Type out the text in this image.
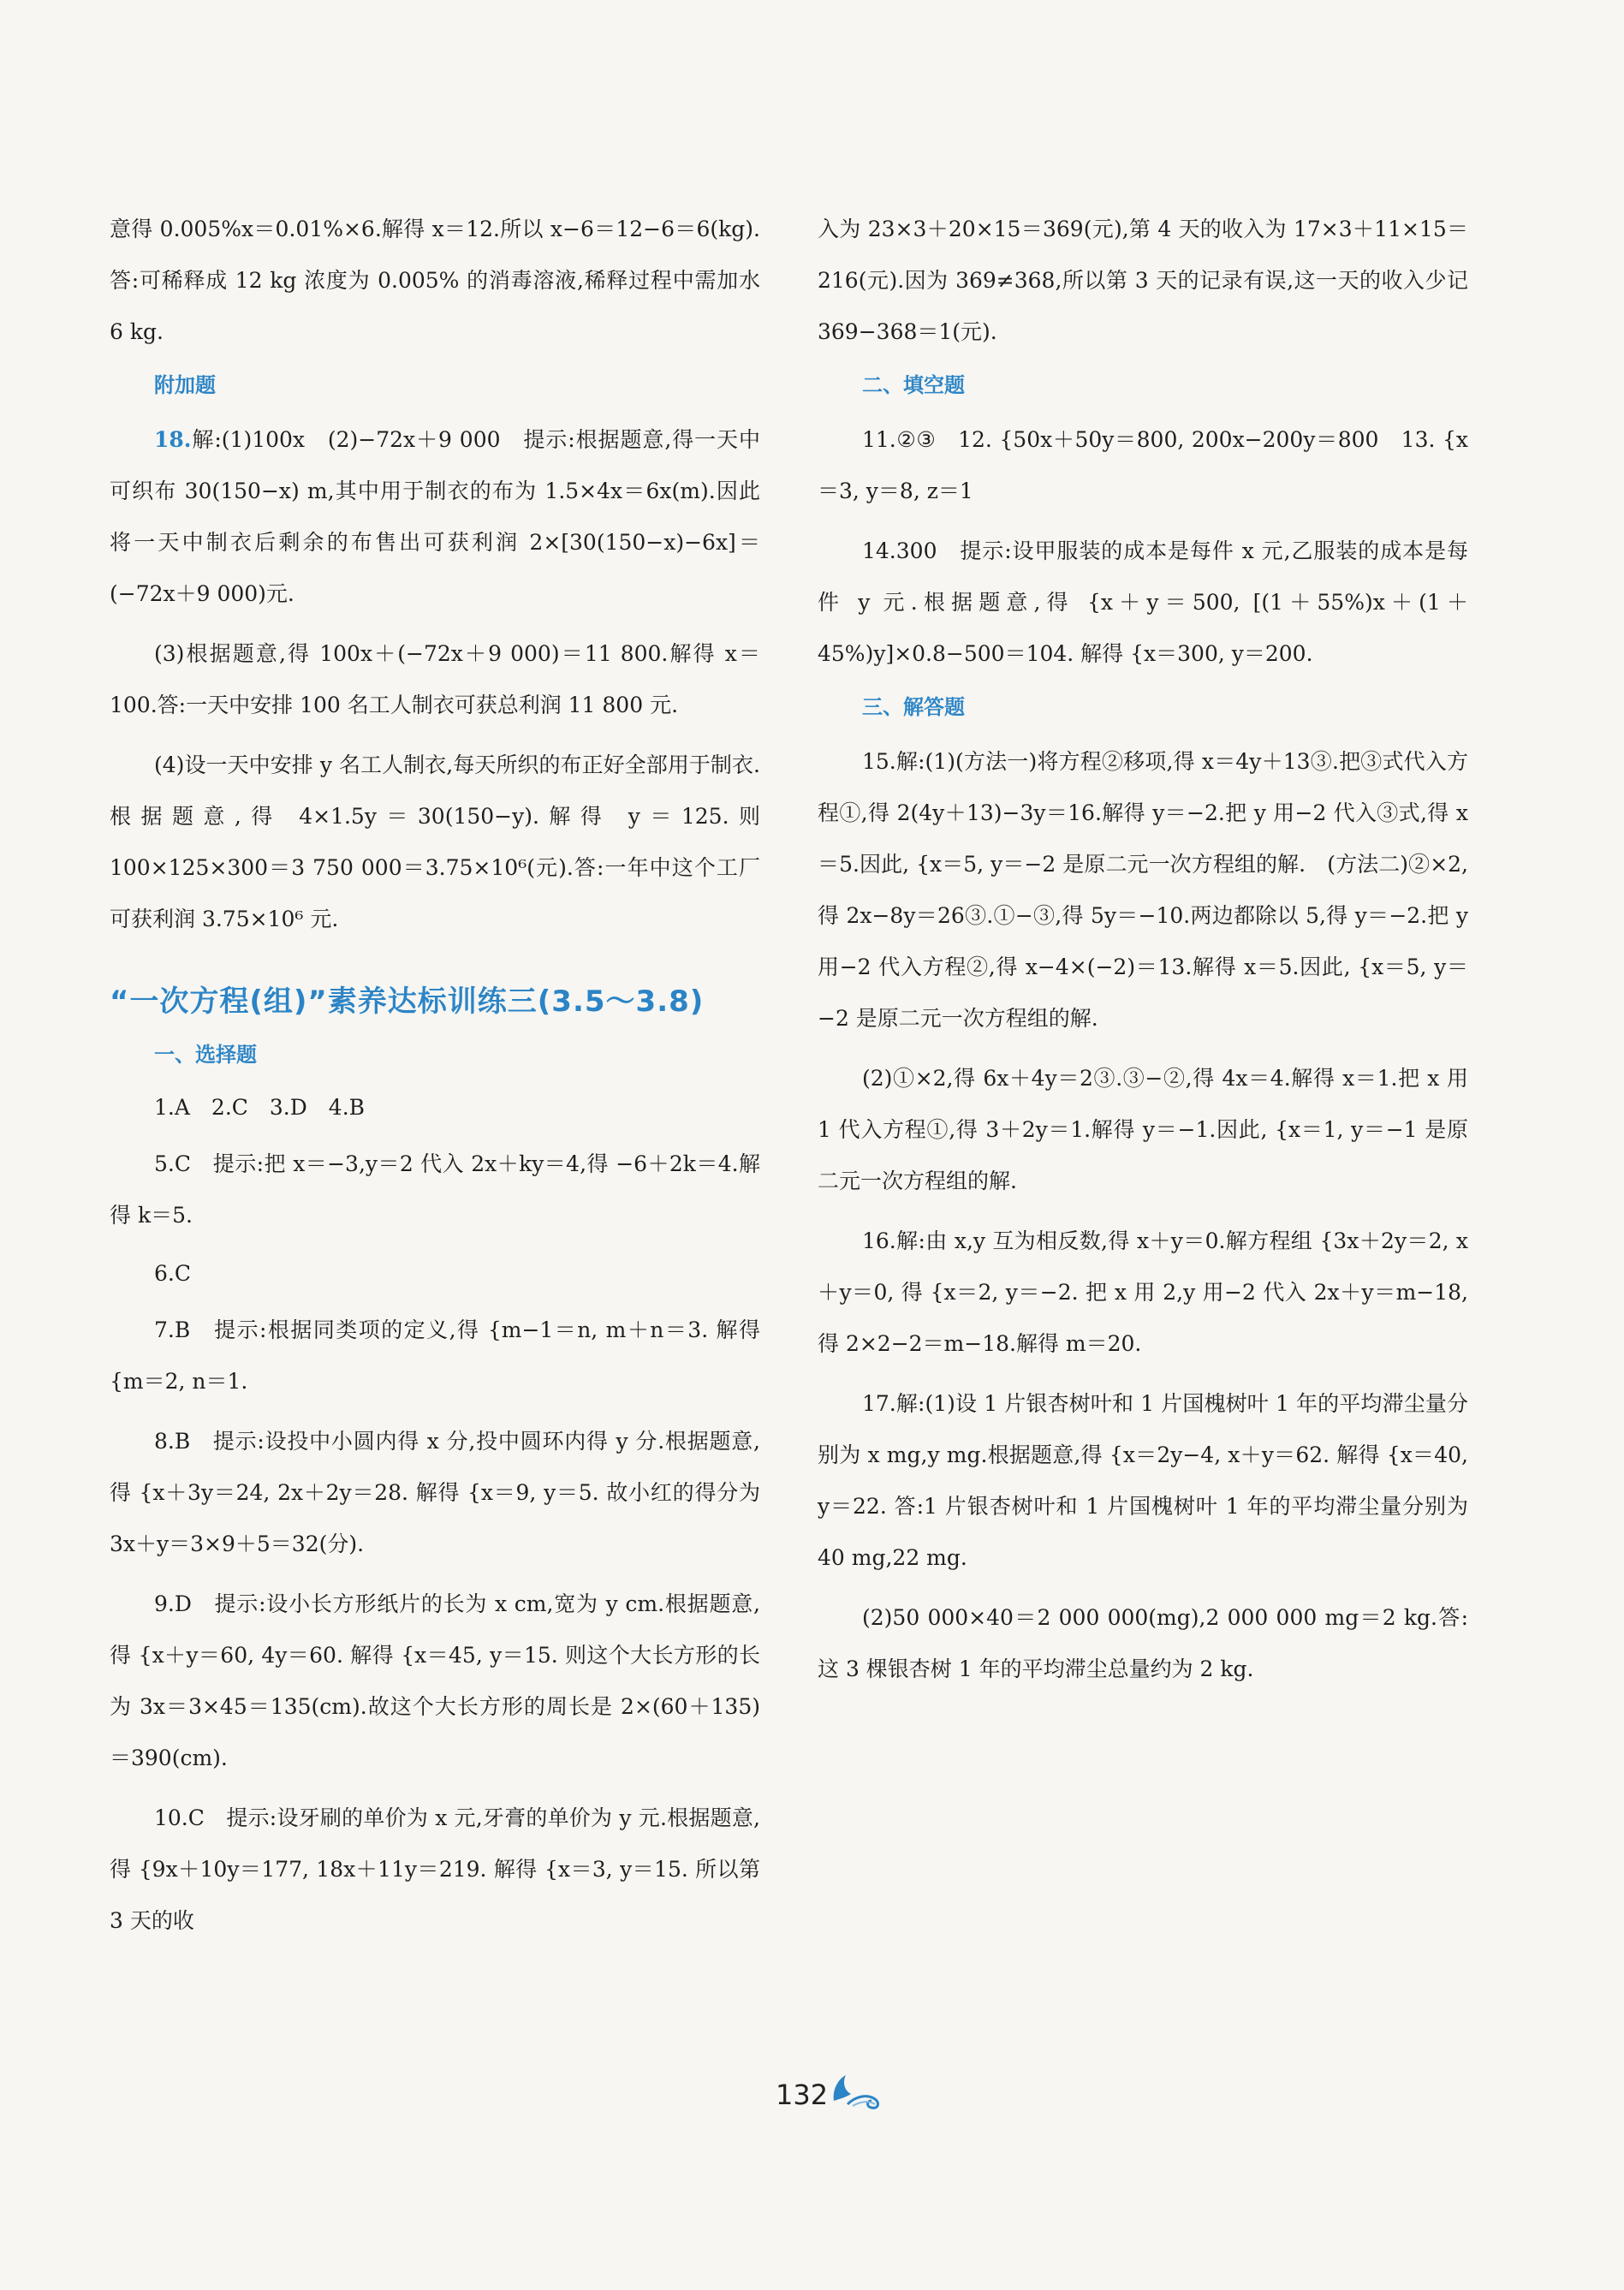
意得 0.005%x＝0.01%×6.解得 x＝12.所以 x−6＝12−6＝6(kg).答:可稀释成 12 kg 浓度为 0.005% 的消毒溶液,稀释过程中需加水 6 kg.

附加题

18.解:(1)100x　(2)−72x＋9 000　提示:根据题意,得一天中可织布 30(150−x) m,其中用于制衣的布为 1.5×4x＝6x(m).因此将一天中制衣后剩余的布售出可获利润 2×[30(150−x)−6x]＝(−72x＋9 000)元.

(3)根据题意,得 100x＋(−72x＋9 000)＝11 800.解得 x＝100.答:一天中安排 100 名工人制衣可获总利润 11 800 元.

(4)设一天中安排 y 名工人制衣,每天所织的布正好全部用于制衣.根据题意,得 4×1.5y＝30(150−y).解得 y＝125.则 100×125×300＝3 750 000＝3.75×10⁶(元).答:一年中这个工厂可获利润 3.75×10⁶ 元.

“一次方程(组)”素养达标训练三(3.5～3.8)
一、选择题
1.A　2.C　3.D　4.B

5.C　提示:把 x＝−3,y＝2 代入 2x＋ky＝4,得 −6＋2k＝4.解得 k＝5.

6.C

7.B　提示:根据同类项的定义,得 {m−1＝n, m＋n＝3. 解得 {m＝2, n＝1.

8.B　提示:设投中小圆内得 x 分,投中圆环内得 y 分.根据题意,得 {x＋3y＝24, 2x＋2y＝28. 解得 {x＝9, y＝5. 故小红的得分为 3x＋y＝3×9＋5＝32(分).

9.D　提示:设小长方形纸片的长为 x cm,宽为 y cm.根据题意,得 {x＋y＝60, 4y＝60. 解得 {x＝45, y＝15. 则这个大长方形的长为 3x＝3×45＝135(cm).故这个大长方形的周长是 2×(60＋135)＝390(cm).

10.C　提示:设牙刷的单价为 x 元,牙膏的单价为 y 元.根据题意,得 {9x＋10y＝177, 18x＋11y＝219. 解得 {x＝3, y＝15. 所以第 3 天的收

入为 23×3＋20×15＝369(元),第 4 天的收入为 17×3＋11×15＝216(元).因为 369≠368,所以第 3 天的记录有误,这一天的收入少记 369−368＝1(元).

二、填空题

11.②③　12. {50x＋50y＝800, 200x−200y＝800　13. {x＝3, y＝8, z＝1

14.300　提示:设甲服装的成本是每件 x 元,乙服装的成本是每件 y 元.根据题意,得 {x＋y＝500, [(1＋55%)x＋(1＋45%)y]×0.8−500＝104. 解得 {x＝300, y＝200.

三、解答题

15.解:(1)(方法一)将方程②移项,得 x＝4y＋13③.把③式代入方程①,得 2(4y＋13)−3y＝16.解得 y＝−2.把 y 用−2 代入③式,得 x＝5.因此, {x＝5, y＝−2 是原二元一次方程组的解.　(方法二)②×2,得 2x−8y＝26③.①−③,得 5y＝−10.两边都除以 5,得 y＝−2.把 y 用−2 代入方程②,得 x−4×(−2)＝13.解得 x＝5.因此, {x＝5, y＝−2 是原二元一次方程组的解.

(2)①×2,得 6x＋4y＝2③.③−②,得 4x＝4.解得 x＝1.把 x 用 1 代入方程①,得 3＋2y＝1.解得 y＝−1.因此, {x＝1, y＝−1 是原二元一次方程组的解.

16.解:由 x,y 互为相反数,得 x＋y＝0.解方程组 {3x＋2y＝2, x＋y＝0, 得 {x＝2, y＝−2. 把 x 用 2,y 用−2 代入 2x＋y＝m−18,得 2×2−2＝m−18.解得 m＝20.

17.解:(1)设 1 片银杏树叶和 1 片国槐树叶 1 年的平均滞尘量分别为 x mg,y mg.根据题意,得 {x＝2y−4, x＋y＝62. 解得 {x＝40, y＝22. 答:1 片银杏树叶和 1 片国槐树叶 1 年的平均滞尘量分别为 40 mg,22 mg.

(2)50 000×40＝2 000 000(mg),2 000 000 mg＝2 kg.答:这 3 棵银杏树 1 年的平均滞尘总量约为 2 kg.

132
